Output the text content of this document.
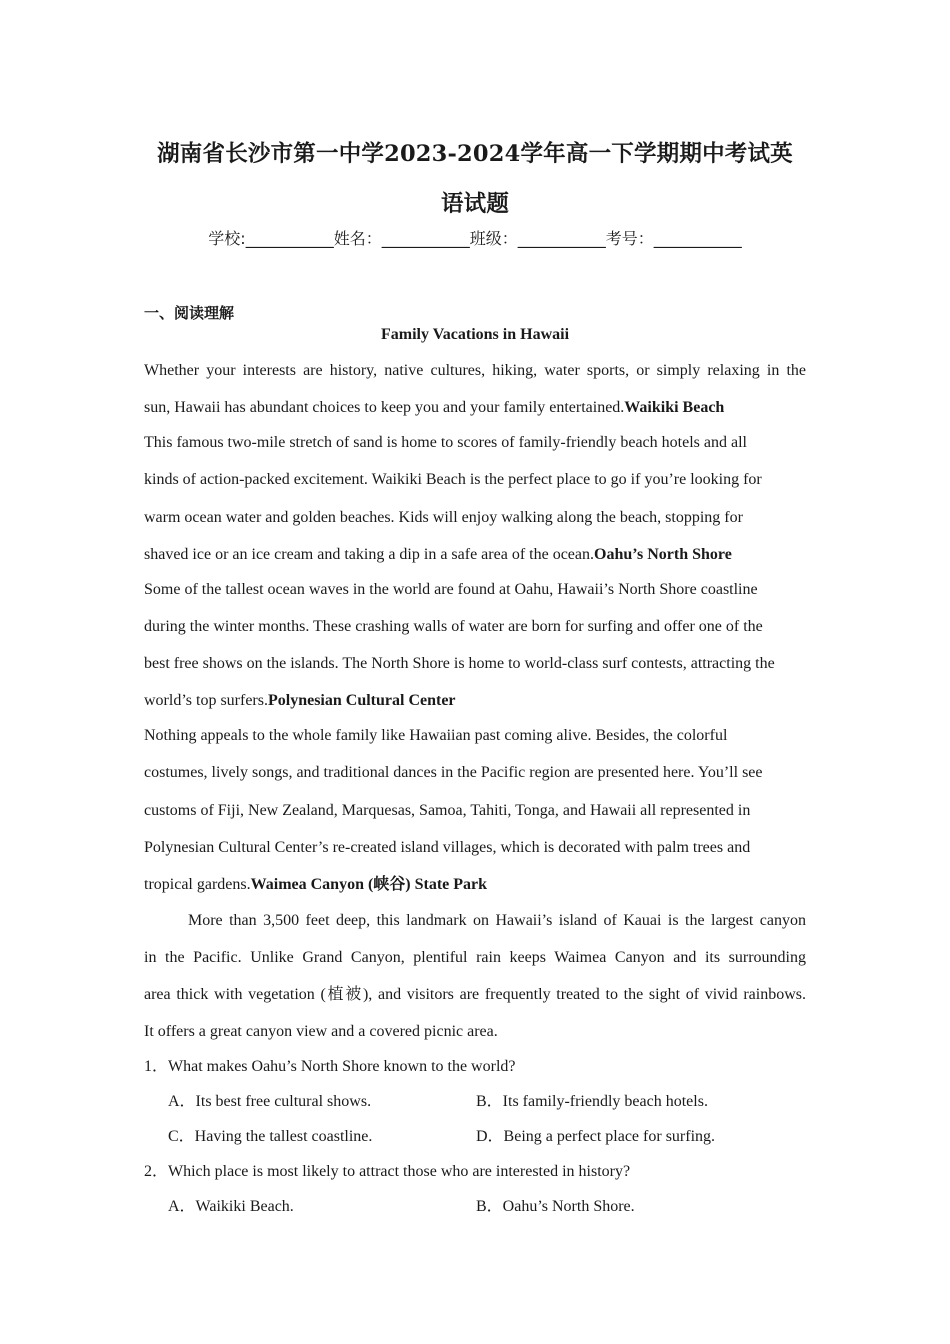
湖南省长沙市第一中学2023-2024学年高一下学期期中考试英
语试题
学校:___________姓名：___________班级：___________考号：___________
一、阅读理解
Family Vacations in Hawaii
Whether your interests are history, native cultures, hiking, water sports, or simply relaxing in the
sun, Hawaii has abundant choices to keep you and your family entertained.Waikiki Beach
This famous two-mile stretch of sand is home to scores of family-friendly beach hotels and all
kinds of action-packed excitement. Waikiki Beach is the perfect place to go if you’re looking for
warm ocean water and golden beaches. Kids will enjoy walking along the beach, stopping for
shaved ice or an ice cream and taking a dip in a safe area of the ocean.Oahu’s North Shore
Some of the tallest ocean waves in the world are found at Oahu, Hawaii’s North Shore coastline
during the winter months. These crashing walls of water are born for surfing and offer one of the
best free shows on the islands. The North Shore is home to world-class surf contests, attracting the
world’s top surfers.Polynesian Cultural Center
Nothing appeals to the whole family like Hawaiian past coming alive. Besides, the colorful
costumes, lively songs, and traditional dances in the Pacific region are presented here. You’ll see
customs of Fiji, New Zealand, Marquesas, Samoa, Tahiti, Tonga, and Hawaii all represented in
Polynesian Cultural Center’s re-created island villages, which is decorated with palm trees and
tropical gardens.Waimea Canyon (峡谷) State Park
More than 3,500 feet deep, this landmark on Hawaii’s island of Kauai is the largest canyon
in the Pacific. Unlike Grand Canyon, plentiful rain keeps Waimea Canyon and its surrounding
area thick with vegetation (植被), and visitors are frequently treated to the sight of vivid rainbows.
It offers a great canyon view and a covered picnic area.
1．What makes Oahu’s North Shore known to the world?
A．Its best free cultural shows.	B．Its family-friendly beach hotels.
C．Having the tallest coastline.	D．Being a perfect place for surfing.
2．Which place is most likely to attract those who are interested in history?
A．Waikiki Beach.	B．Oahu’s North Shore.
